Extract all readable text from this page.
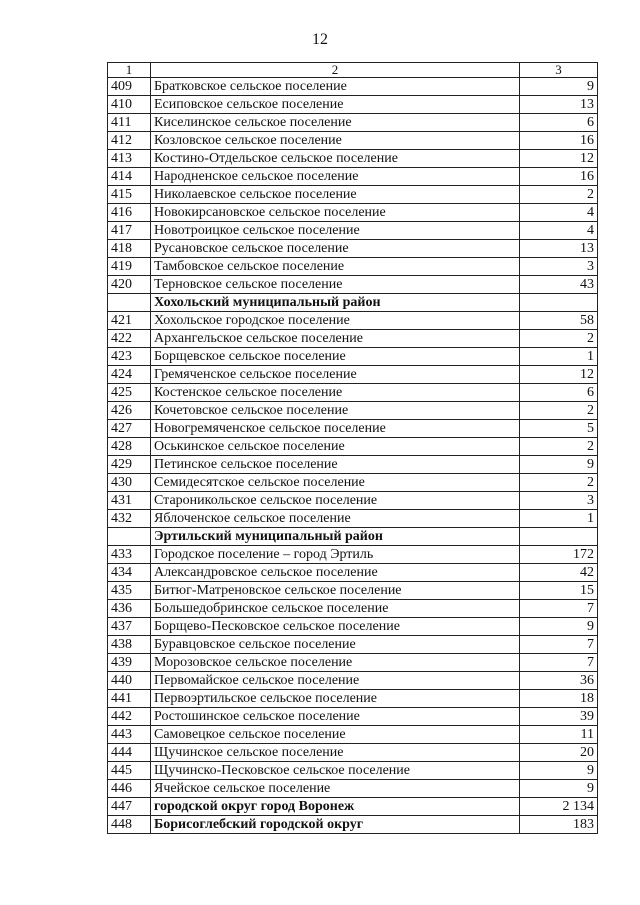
12
1	2	3
409	Братковское сельское поселение	9
410	Есиповское сельское поселение	13
411	Киселинское сельское поселение	6
412	Козловское сельское поселение	16
413	Костино-Отдельское сельское поселение	12
414	Народненское сельское поселение	16
415	Николаевское сельское поселение	2
416	Новокирсановское сельское поселение	4
417	Новотроицкое сельское поселение	4
418	Русановское сельское поселение	13
419	Тамбовское сельское поселение	3
420	Терновское сельское поселение	43
	Хохольский муниципальный район	
421	Хохольское городское поселение	58
422	Архангельское сельское поселение	2
423	Борщевское сельское поселение	1
424	Гремяченское сельское поселение	12
425	Костенское сельское поселение	6
426	Кочетовское сельское поселение	2
427	Новогремяченское сельское поселение	5
428	Оськинское сельское поселение	2
429	Петинское сельское поселение	9
430	Семидесятское сельское поселение	2
431	Староникольское сельское поселение	3
432	Яблоченское сельское поселение	1
	Эртильский муниципальный район	
433	Городское поселение – город Эртиль	172
434	Александровское сельское поселение	42
435	Битюг-Матреновское сельское поселение	15
436	Большедобринское сельское поселение	7
437	Борщево-Песковское сельское поселение	9
438	Буравцовское сельское поселение	7
439	Морозовское сельское поселение	7
440	Первомайское сельское поселение	36
441	Первоэртильское сельское поселение	18
442	Ростошинское сельское поселение	39
443	Самовецкое сельское поселение	11
444	Щучинское сельское поселение	20
445	Щучинско-Песковское сельское поселение	9
446	Ячейское сельское поселение	9
447	городской округ город Воронеж	2 134
448	Борисоглебский городской округ	183
